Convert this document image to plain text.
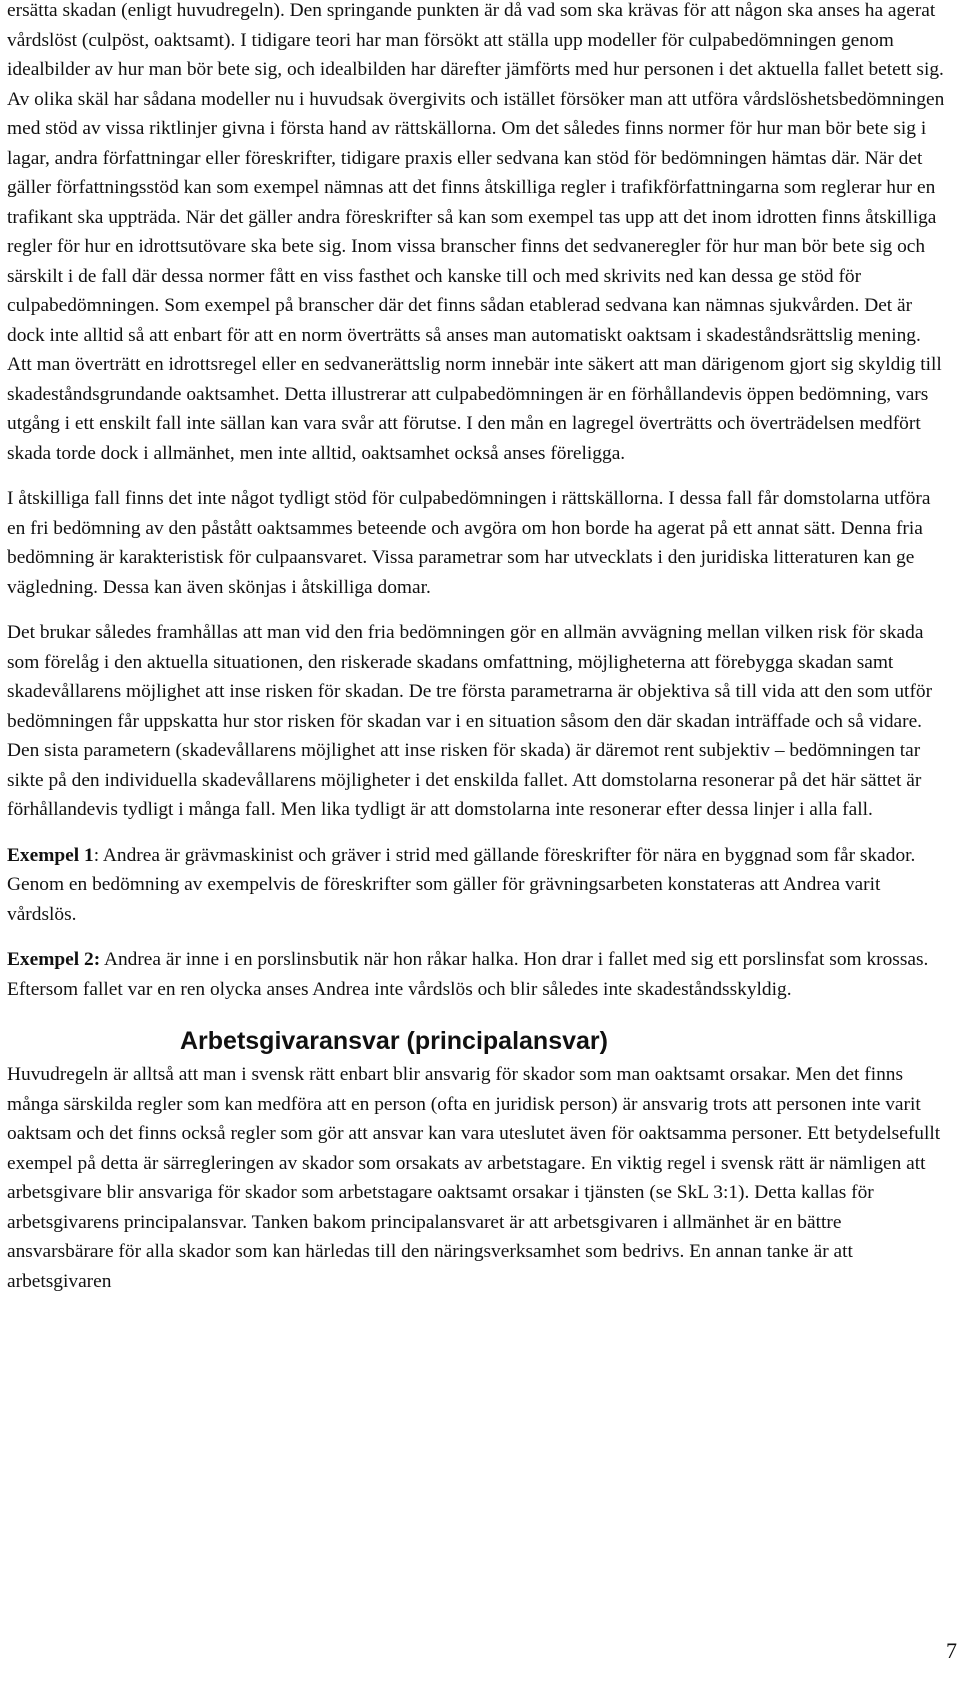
ersätta skadan (enligt huvudregeln). Den springande punkten är då vad som ska krävas för att någon ska anses ha agerat vårdslöst (culpöst, oaktsamt). I tidigare teori har man försökt att ställa upp modeller för culpabedömningen genom idealbilder av hur man bör bete sig, och idealbilden har därefter jämförts med hur personen i det aktuella fallet betett sig. Av olika skäl har sådana modeller nu i huvudsak övergivits och istället försöker man att utföra vårdslöshetsbedömningen med stöd av vissa riktlinjer givna i första hand av rättskällorna. Om det således finns normer för hur man bör bete sig i lagar, andra författningar eller föreskrifter, tidigare praxis eller sedvana kan stöd för bedömningen hämtas där. När det gäller författningsstöd kan som exempel nämnas att det finns åtskilliga regler i trafikförfattningarna som reglerar hur en trafikant ska uppträda. När det gäller andra föreskrifter så kan som exempel tas upp att det inom idrotten finns åtskilliga regler för hur en idrottsutövare ska bete sig. Inom vissa branscher finns det sedvaneregler för hur man bör bete sig och särskilt i de fall där dessa normer fått en viss fasthet och kanske till och med skrivits ned kan dessa ge stöd för culpabedömningen. Som exempel på branscher där det finns sådan etablerad sedvana kan nämnas sjukvården. Det är dock inte alltid så att enbart för att en norm överträtts så anses man automatiskt oaktsam i skadeståndsrättslig mening. Att man överträtt en idrottsregel eller en sedvanerättslig norm innebär inte säkert att man därigenom gjort sig skyldig till skadeståndsgrundande oaktsamhet. Detta illustrerar att culpabedömningen är en förhållandevis öppen bedömning, vars utgång i ett enskilt fall inte sällan kan vara svår att förutse. I den mån en lagregel överträtts och överträdelsen medfört skada torde dock i allmänhet, men inte alltid, oaktsamhet också anses föreligga.

I åtskilliga fall finns det inte något tydligt stöd för culpabedömningen i rättskällorna. I dessa fall får domstolarna utföra en fri bedömning av den påstått oaktsammes beteende och avgöra om hon borde ha agerat på ett annat sätt. Denna fria bedömning är karakteristisk för culpaansvaret. Vissa parametrar som har utvecklats i den juridiska litteraturen kan ge vägledning. Dessa kan även skönjas i åtskilliga domar.

Det brukar således framhållas att man vid den fria bedömningen gör en allmän avvägning mellan vilken risk för skada som förelåg i den aktuella situationen, den riskerade skadans omfattning, möjligheterna att förebygga skadan samt skadevållarens möjlighet att inse risken för skadan. De tre första parametrarna är objektiva så till vida att den som utför bedömningen får uppskatta hur stor risken för skadan var i en situation såsom den där skadan inträffade och så vidare. Den sista parametern (skadevållarens möjlighet att inse risken för skada) är däremot rent subjektiv – bedömningen tar sikte på den individuella skadevållarens möjligheter i det enskilda fallet. Att domstolarna resonerar på det här sättet är förhållandevis tydligt i många fall. Men lika tydligt är att domstolarna inte resonerar efter dessa linjer i alla fall.

Exempel 1: Andrea är grävmaskinist och gräver i strid med gällande föreskrifter för nära en byggnad som får skador. Genom en bedömning av exempelvis de föreskrifter som gäller för grävningsarbeten konstateras att Andrea varit vårdslös.

Exempel 2: Andrea är inne i en porslinsbutik när hon råkar halka. Hon drar i fallet med sig ett porslinsfat som krossas. Eftersom fallet var en ren olycka anses Andrea inte vårdslös och blir således inte skadeståndsskyldig.

Arbetsgivaransvar (principalansvar)

Huvudregeln är alltså att man i svensk rätt enbart blir ansvarig för skador som man oaktsamt orsakar. Men det finns många särskilda regler som kan medföra att en person (ofta en juridisk person) är ansvarig trots att personen inte varit oaktsam och det finns också regler som gör att ansvar kan vara uteslutet även för oaktsamma personer. Ett betydelsefullt exempel på detta är särregleringen av skador som orsakats av arbetstagare. En viktig regel i svensk rätt är nämligen att arbetsgivare blir ansvariga för skador som arbetstagare oaktsamt orsakar i tjänsten (se SkL 3:1). Detta kallas för arbetsgivarens principalansvar. Tanken bakom principalansvaret är att arbetsgivaren i allmänhet är en bättre ansvarsbärare för alla skador som kan härledas till den näringsverksamhet som bedrivs. En annan tanke är att arbetsgivaren

7
